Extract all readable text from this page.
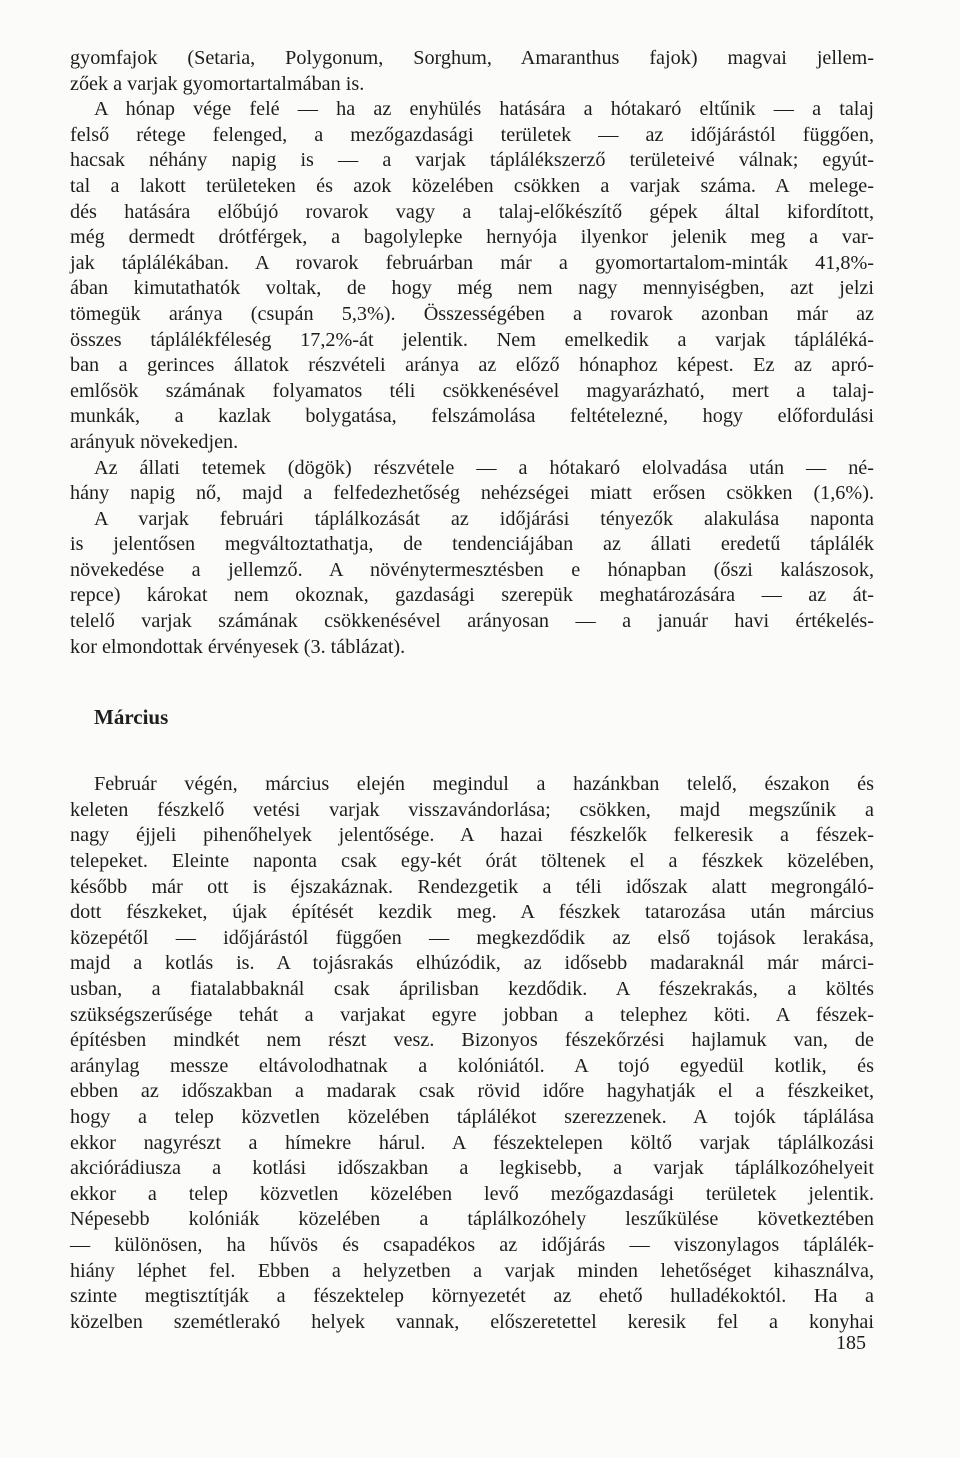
gyomfajok (Setaria, Polygonum, Sorghum, Amaranthus fajok) magvai jellem-
zőek a varjak gyomortartalmában is.
A hónap vége felé — ha az enyhülés hatására a hótakaró eltűnik — a talaj
felső rétege felenged, a mezőgazdasági területek — az időjárástól függően,
hacsak néhány napig is — a varjak táplálékszerző területeivé válnak; egyút-
tal a lakott területeken és azok közelében csökken a varjak száma. A melege-
dés hatására előbújó rovarok vagy a talaj-előkészítő gépek által kifordított,
még dermedt drótférgek, a bagolylepke hernyója ilyenkor jelenik meg a var-
jak táplálékában. A rovarok februárban már a gyomortartalom-minták 41,8%-
ában kimutathatók voltak, de hogy még nem nagy mennyiségben, azt jelzi
tömegük aránya (csupán 5,3%). Összességében a rovarok azonban már az
összes táplálékféleség 17,2%-át jelentik. Nem emelkedik a varjak tápláléká-
ban a gerinces állatok részvételi aránya az előző hónaphoz képest. Ez az apró-
emlősök számának folyamatos téli csökkenésével magyarázható, mert a talaj-
munkák, a kazlak bolygatása, felszámolása feltételezné, hogy előfordulási
arányuk növekedjen.
Az állati tetemek (dögök) részvétele — a hótakaró elolvadása után — né-
hány napig nő, majd a felfedezhetőség nehézségei miatt erősen csökken (1,6%).
A varjak februári táplálkozását az időjárási tényezők alakulása naponta
is jelentősen megváltoztathatja, de tendenciájában az állati eredetű táplálék
növekedése a jellemző. A növénytermesztésben e hónapban (őszi kalászosok,
repce) károkat nem okoznak, gazdasági szerepük meghatározására — az át-
telelő varjak számának csökkenésével arányosan — a január havi értékelés-
kor elmondottak érvényesek (3. táblázat).
Március
Február végén, március elején megindul a hazánkban telelő, északon és
keleten fészkelő vetési varjak visszavándorlása; csökken, majd megszűnik a
nagy éjjeli pihenőhelyek jelentősége. A hazai fészkelők felkeresik a fészek-
telepeket. Eleinte naponta csak egy-két órát töltenek el a fészkek közelében,
később már ott is éjszakáznak. Rendezgetik a téli időszak alatt megrongáló-
dott fészkeket, újak építését kezdik meg. A fészkek tatarozása után március
közepétől — időjárástól függően — megkezdődik az első tojások lerakása,
majd a kotlás is. A tojásrakás elhúzódik, az idősebb madaraknál már márci-
usban, a fiatalabbaknál csak áprilisban kezdődik. A fészekrakás, a költés
szükségszerűsége tehát a varjakat egyre jobban a telephez köti. A fészek-
építésben mindkét nem részt vesz. Bizonyos fészekőrzési hajlamuk van, de
aránylag messze eltávolodhatnak a kolóniától. A tojó egyedül kotlik, és
ebben az időszakban a madarak csak rövid időre hagyhatják el a fészkeiket,
hogy a telep közvetlen közelében táplálékot szerezzenek. A tojók táplálása
ekkor nagyrészt a hímekre hárul. A fészektelepen költő varjak táplálkozási
akciórádiusza a kotlási időszakban a legkisebb, a varjak táplálkozóhelyeit
ekkor a telep közvetlen közelében levő mezőgazdasági területek jelentik.
Népesebb kolóniák közelében a táplálkozóhely leszűkülése következtében
— különösen, ha hűvös és csapadékos az időjárás — viszonylagos táplálék-
hiány léphet fel. Ebben a helyzetben a varjak minden lehetőséget kihasználva,
szinte megtisztítják a fészektelep környezetét az ehető hulladékoktól. Ha a
közelben szemétlerakó helyek vannak, előszeretettel keresik fel a konyhai
185
